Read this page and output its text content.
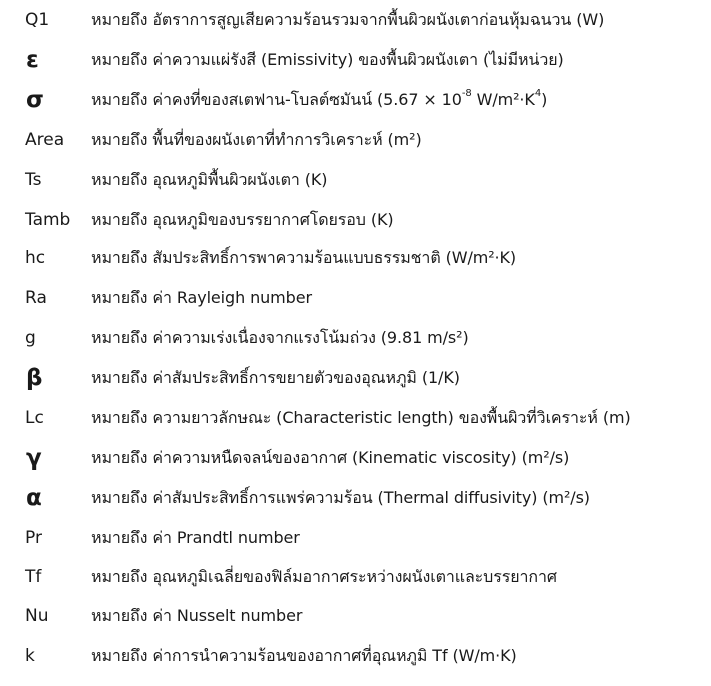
Q1	หมายถึง อัตราการสูญเสียความร้อนรวมจากพื้นผิวผนังเตาก่อนหุ้มฉนวน (W)
ε	หมายถึง ค่าความแผ่รังสี (Emissivity) ของพื้นผิวผนังเตา (ไม่มีหน่วย)
σ	หมายถึง ค่าคงที่ของสเตฟาน-โบลต์ซมันน์ ($5.67 \times 10^{-8}$ $W/m^2\cdot K^4$)
Area หมายถึง พื้นที่ของผนังเตาที่ทำการวิเคราะห์ (m²)
Ts	หมายถึง อุณหภูมิพื้นผิวผนังเตา (K)
Tamb หมายถึง อุณหภูมิของบรรยากาศโดยรอบ (K)
hc	หมายถึง สัมประสิทธิ์การพาความร้อนแบบธรรมชาติ (W/m²·K)
Ra	หมายถึง ค่า Rayleigh number
g	หมายถึง ค่าความเร่งเนื่องจากแรงโน้มถ่วง (9.81 m/s²)
β	หมายถึง ค่าสัมประสิทธิ์การขยายตัวของอุณหภูมิ (1/K)
Lc	หมายถึง ความยาวลักษณะ (Characteristic length) ของพื้นผิวที่วิเคราะห์ (m)
γ	หมายถึง ค่าความหนืดจลน์ของอากาศ (Kinematic viscosity) (m²/s)
α	หมายถึง ค่าสัมประสิทธิ์การแพร่ความร้อน (Thermal diffusivity) (m²/s)
Pr	หมายถึง ค่า Prandtl number
Tf	หมายถึง อุณหภูมิเฉลี่ยของฟิล์มอากาศระหว่างผนังเตาและบรรยากาศ
Nu	หมายถึง ค่า Nusselt number
k	หมายถึง ค่าการนำความร้อนของอากาศที่อุณหภูมิ Tf (W/m·K)
